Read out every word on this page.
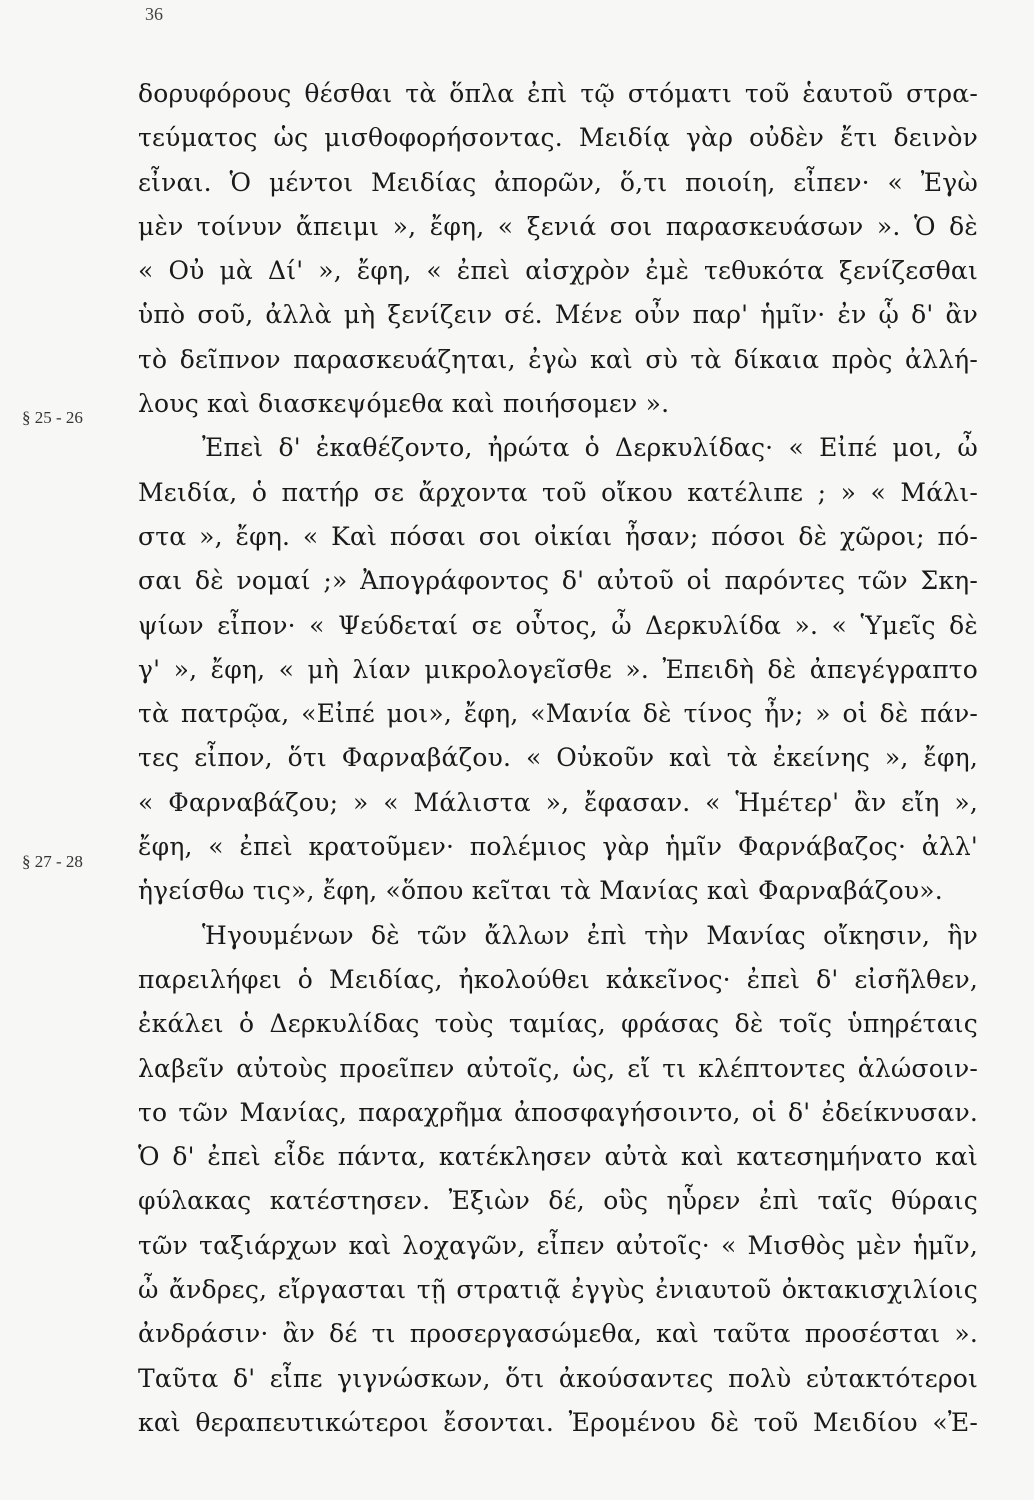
36
§ 25 - 26
§ 27 - 28
δορυφόρους θέσθαι τὰ ὅπλα ἐπὶ τῷ στόματι τοῦ ἑαυτοῦ στρα-
τεύματος ὡς μισθοφορήσοντας. Μειδίᾳ γὰρ οὐδὲν ἔτι δεινὸν
εἶναι. Ὁ μέντοι Μειδίας ἀπορῶν, ὅ,τι ποιοίη, εἶπεν· « Ἐγὼ
μὲν τοίνυν ἄπειμι », ἔφη, « ξενιά σοι παρασκευάσων ». Ὁ δὲ
« Οὐ μὰ Δί' », ἔφη, « ἐπεὶ αἰσχρὸν ἐμὲ τεθυκότα ξενίζεσθαι
ὑπὸ σοῦ, ἀλλὰ μὴ ξενίζειν σέ. Μένε οὖν παρ' ἡμῖν· ἐν ᾧ δ' ἂν
τὸ δεῖπνον παρασκευάζηται, ἐγὼ καὶ σὺ τὰ δίκαια πρὸς ἀλλή-
λους καὶ διασκεψόμεθα καὶ ποιήσομεν ».
Ἐπεὶ δ' ἐκαθέζοντο, ἠρώτα ὁ Δερκυλίδας· « Εἰπέ μοι, ὦ
Μειδία, ὁ πατήρ σε ἄρχοντα τοῦ οἴκου κατέλιπε ; » « Μάλι-
στα », ἔφη. « Καὶ πόσαι σοι οἰκίαι ἦσαν; πόσοι δὲ χῶροι; πό-
σαι δὲ νομαί ;» Ἀπογράφοντος δ' αὐτοῦ οἱ παρόντες τῶν Σκη-
ψίων εἶπον· « Ψεύδεταί σε οὗτος, ὦ Δερκυλίδα ». « Ὑμεῖς δὲ
γ' », ἔφη, « μὴ λίαν μικρολογεῖσθε ». Ἐπειδὴ δὲ ἀπεγέγραπτο
τὰ πατρῷα, «Εἰπέ μοι», ἔφη, «Μανία δὲ τίνος ἦν; » οἱ δὲ πάν-
τες εἶπον, ὅτι Φαρναβάζου. « Οὐκοῦν καὶ τὰ ἐκείνης », ἔφη,
« Φαρναβάζου; » « Μάλιστα », ἔφασαν. « Ἡμέτερ' ἂν εἴη »,
ἔφη, « ἐπεὶ κρατοῦμεν· πολέμιος γὰρ ἡμῖν Φαρνάβαζος· ἀλλ'
ἡγείσθω τις», ἔφη, «ὅπου κεῖται τὰ Μανίας καὶ Φαρναβάζου».
Ἡγουμένων δὲ τῶν ἄλλων ἐπὶ τὴν Μανίας οἴκησιν, ἣν
παρειλήφει ὁ Μειδίας, ἠκολούθει κἀκεῖνος· ἐπεὶ δ' εἰσῆλθεν,
ἐκάλει ὁ Δερκυλίδας τοὺς ταμίας, φράσας δὲ τοῖς ὑπηρέταις
λαβεῖν αὐτοὺς προεῖπεν αὐτοῖς, ὡς, εἴ τι κλέπτοντες ἁλώσοιν-
το τῶν Μανίας, παραχρῆμα ἀποσφαγήσοιντο, οἱ δ' ἐδείκνυσαν.
Ὁ δ' ἐπεὶ εἶδε πάντα, κατέκλησεν αὐτὰ καὶ κατεσημήνατο καὶ
φύλακας κατέστησεν. Ἐξιὼν δέ, οὓς ηὗρεν ἐπὶ ταῖς θύραις
τῶν ταξιάρχων καὶ λοχαγῶν, εἶπεν αὐτοῖς· « Μισθὸς μὲν ἡμῖν,
ὦ ἄνδρες, εἴργασται τῇ στρατιᾷ ἐγγὺς ἐνιαυτοῦ ὀκτακισχιλίοις
ἀνδράσιν· ἂν δέ τι προσεργασώμεθα, καὶ ταῦτα προσέσται ».
Ταῦτα δ' εἶπε γιγνώσκων, ὅτι ἀκούσαντες πολὺ εὐτακτότεροι
καὶ θεραπευτικώτεροι ἔσονται. Ἐρομένου δὲ τοῦ Μειδίου «Ἐ-
